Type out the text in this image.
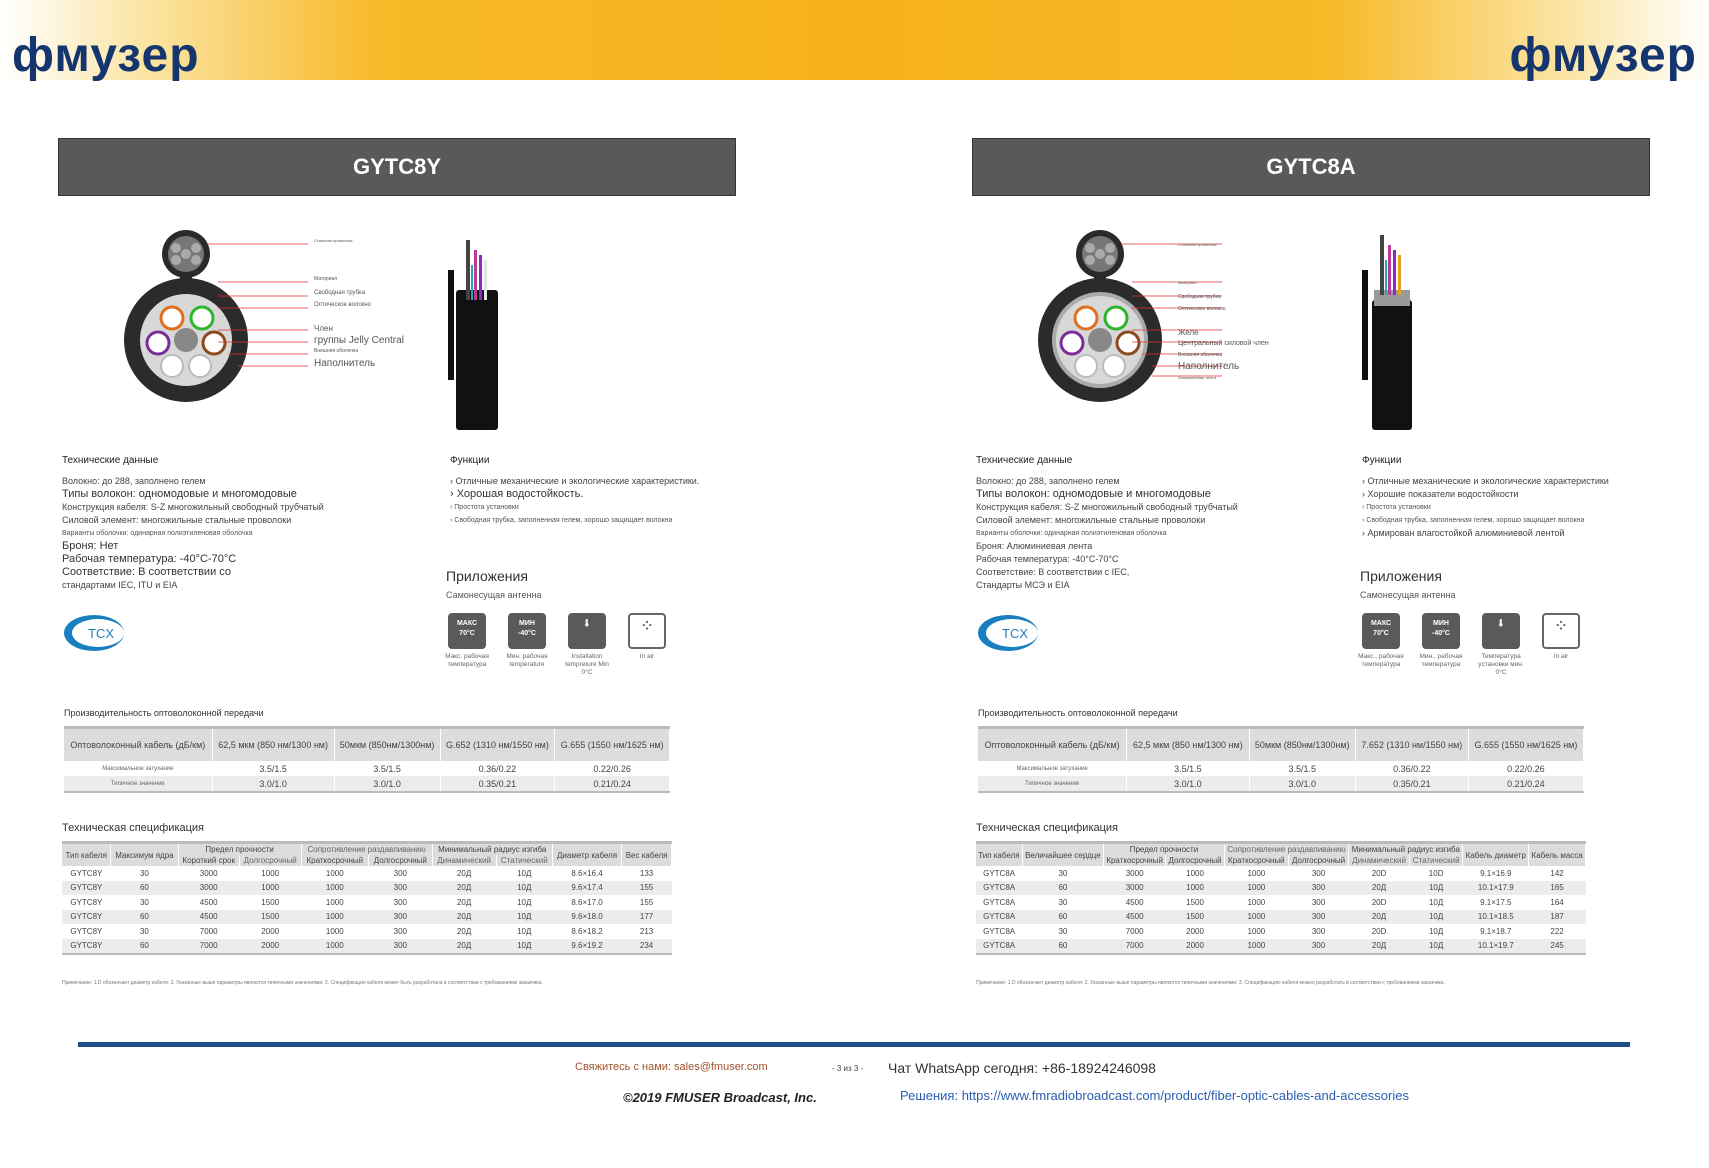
фмузер	фмузер
GYTC8Y
Стальная проволока
Материал
Свободная трубка
Оптическое волокно
Член
группы Jelly Central
Внешняя оболочка
Наполнитель
Технические данные
Волокно: до 288, заполнено гелем
Типы волокон: одномодовые и многомодовые
Конструкция кабеля: S-Z многожильный свободный трубчатый
Силовой элемент: многожильные стальные проволоки
Варианты оболочки: одинарная полиэтиленовая оболочка
Броня: Нет
Рабочая температура: -40°C-70°C
Соответствие: В соответствии со
стандартами IEC, ITU и EIA
Функции
› Отличные механические и экологические характеристики.
› Хорошая водостойкость.
› Простота установки
› Свободная трубка, заполненная гелем, хорошо защищает волокна
Приложения
Самонесущая антенна
TCX
МАКС
70°C
Макс. рабочая температура
МИН
-40°C
Мин. рабочая temperature
🌡
Installation tempreture Min 0°C
⁘
In air
Производительность оптоволоконной передачи
Оптоволоконный кабель (дБ/км)	62,5 мкм (850 нм/1300 нм)	50мкм (850нм/1300нм)	G.652 (1310 нм/1550 нм)	G.655 (1550 нм/1625 нм)
Максимальное затухание	3.5/1.5	3.5/1.5	0.36/0.22	0.22/0.26
Типичное значение	3.0/1.0	3.0/1.0	0.35/0.21	0.21/0.24
Техническая спецификация
Тип кабеля	Максимум ядра	Предел прочности		Сопротивление раздавливанию		Минимальный радиус изгиба		Диаметр кабеля	Вес кабеля
		Короткий срок	Долгосрочный	Краткосрочный	Долгосрочный	Динамический	Статический		
GYTC8Y	30	3000	1000	1000	300	20Д	10Д	8.6×16.4	133
GYTC8Y	60	3000	1000	1000	300	20Д	10Д	9.6×17.4	155
GYTC8Y	30	4500	1500	1000	300	20Д	10Д	8.6×17.0	155
GYTC8Y	60	4500	1500	1000	300	20Д	10Д	9.6×18.0	177
GYTC8Y	30	7000	2000	1000	300	20Д	10Д	8.6×18.2	213
GYTC8Y	60	7000	2000	1000	300	20Д	10Д	9.6×19.2	234
Примечание: 1.D обозначает диаметр кабеля; 2. Указанные выше параметры являются типичными значениями; 3. Спецификация кабеля может быть разработана в соответствии с требованиями заказчика.
GYTC8A
Стальная проволока
Материал
Свободная трубка
Оптическое волокно
Желе
Центральный силовой член
Внешняя оболочка
Наполнитель
Алюминиевая лента
Технические данные
Волокно: до 288, заполнено гелем
Типы волокон: одномодовые и многомодовые
Конструкция кабеля: S-Z многожильный свободный трубчатый
Силовой элемент: многожильные стальные проволоки
Варианты оболочки: одинарная полиэтиленовая оболочка
Броня: Алюминиевая лента
Рабочая температура: -40°C-70°C
Соответствие: В соответствии с IEC,
Стандарты МСЭ и EIA
Функции
› Отличные механические и экологические характеристики
› Хорошие показатели водостойкости
› Простота установки
› Свободная трубка, заполненная гелем, хорошо защищает волокна
› Армирован влагостойкой алюминиевой лентой
Приложения
Самонесущая антенна
TCX
МАКС
70°C
Макс., рабочая температура
МИН
-40°C
Мин., рабочая температура
🌡
Температура установки мин. 0°C
⁘
In air
Производительность оптоволоконной передачи
Оптоволоконный кабель (дБ/км)	62,5 мкм (850 нм/1300 нм)	50мкм (850нм/1300нм)	7.652 (1310 нм/1550 нм)	G.655 (1550 нм/1625 нм)
Максимальное затухание	3.5/1.5	3.5/1.5	0.36/0.22	0.22/0.26
Типичное значение	3.0/1.0	3.0/1.0	0.35/0.21	0.21/0.24
Техническая спецификация
Тип кабеля	Величайшее сердце	Предел прочности		Сопротивление раздавливанию		Минимальный радиус изгиба		Кабель диаметр	Кабель масса
		Краткосрочный	Долгосрочный	Краткосрочный	Долгосрочный	Динамический	Статический		
GYTC8A	30	3000	1000	1000	300	20D	10D	9.1×16.9	142
GYTC8A	60	3000	1000	1000	300	20Д	10Д	10.1×17.9	165
GYTC8A	30	4500	1500	1000	300	20D	10Д	9.1×17.5	164
GYTC8A	60	4500	1500	1000	300	20Д	10Д	10.1×18.5	187
GYTC8A	30	7000	2000	1000	300	20D	10Д	9.1×18.7	222
GYTC8A	60	7000	2000	1000	300	20Д	10Д	10.1×19.7	245
Примечание: 1.D обозначает диаметр кабеля; 2. Указанные выше параметры являются типичными значениями; 3. Спецификацию кабеля можно разработать в соответствии с требованиями заказчика.
Свяжитесь с нами: sales@fmuser.com	- 3 из 3 - Чат WhatsApp сегодня: +86-18924246098
©2019 FMUSER Broadcast, Inc.	Решения: https://www.fmradiobroadcast.com/product/fiber-optic-cables-and-accessories
